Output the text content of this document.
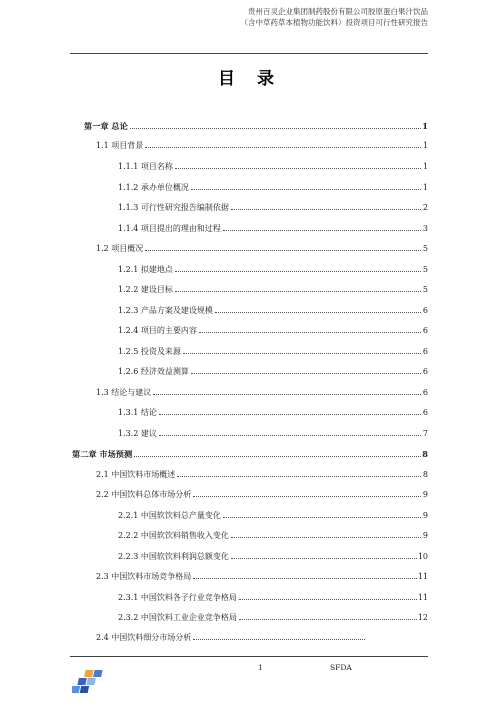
贵州百灵企业集团制药股份有限公司胶原蛋白果汁饮品
（含中草药草本植物功能饮料）投资项目可行性研究报告
目 录
第一章 总论	1
1.1 项目背景	1
1.1.1 项目名称	1
1.1.2 承办单位概况	1
1.1.3 可行性研究报告编制依据	2
1.1.4 项目提出的理由和过程	3
1.2 项目概况	5
1.2.1 拟建地点	5
1.2.2 建设目标	5
1.2.3 产品方案及建设规模	6
1.2.4 项目的主要内容	6
1.2.5 投资及来源	6
1.2.6 经济效益测算	6
1.3 结论与建议	6
1.3.1 结论	6
1.3.2 建议	7
第二章 市场预测	8
2.1 中国饮料市场概述	8
2.2 中国饮料总体市场分析	9
2.2.1 中国软饮料总产量变化	9
2.2.2 中国软饮料销售收入变化	9
2.2.3 中国软饮料利润总额变化	10
2.3 中国饮料市场竞争格局	11
2.3.1 中国饮料各子行业竞争格局	11
2.3.2 中国饮料工业企业竞争格局	12
2.4 中国饮料细分市场分析
1	SFDA
